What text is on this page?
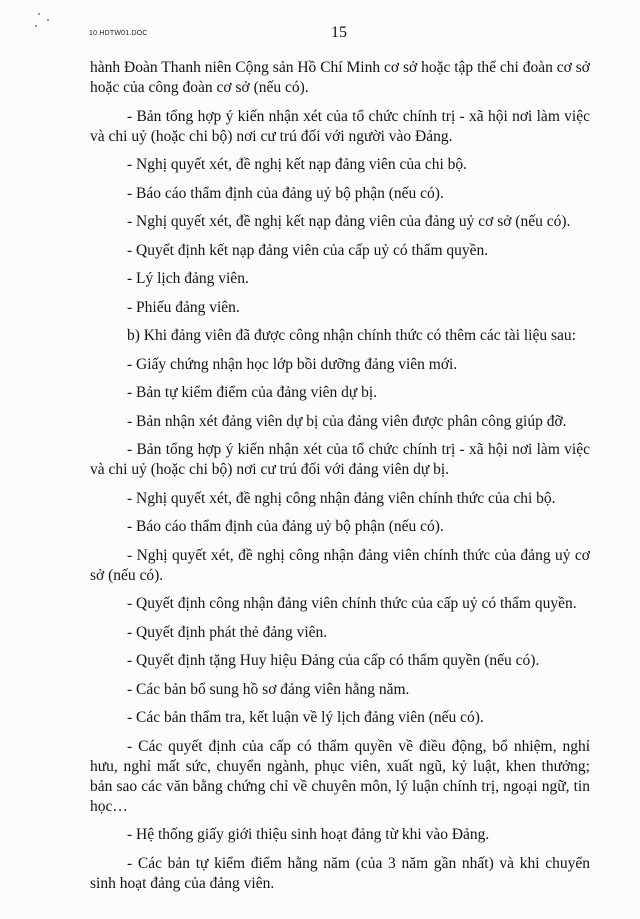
10.HDTW01.DOC	15

hành Đoàn Thanh niên Cộng sản Hồ Chí Minh cơ sở hoặc tập thể chi đoàn cơ sở hoặc của công đoàn cơ sở (nếu có).

- Bản tổng hợp ý kiến nhận xét của tổ chức chính trị - xã hội nơi làm việc và chi uỷ (hoặc chi bộ) nơi cư trú đối với người vào Đảng.

- Nghị quyết xét, đề nghị kết nạp đảng viên của chi bộ.

- Báo cáo thẩm định của đảng uỷ bộ phận (nếu có).

- Nghị quyết xét, đề nghị kết nạp đảng viên của đảng uỷ cơ sở (nếu có).

- Quyết định kết nạp đảng viên của cấp uỷ có thẩm quyền.

- Lý lịch đảng viên.

- Phiếu đảng viên.

b) Khi đảng viên đã được công nhận chính thức có thêm các tài liệu sau:

- Giấy chứng nhận học lớp bồi dưỡng đảng viên mới.

- Bản tự kiểm điểm của đảng viên dự bị.

- Bản nhận xét đảng viên dự bị của đảng viên được phân công giúp đỡ.

- Bản tổng hợp ý kiến nhận xét của tổ chức chính trị - xã hội nơi làm việc và chi uỷ (hoặc chi bộ) nơi cư trú đối với đảng viên dự bị.

- Nghị quyết xét, đề nghị công nhận đảng viên chính thức của chi bộ.

- Báo cáo thẩm định của đảng uỷ bộ phận (nếu có).

- Nghị quyết xét, đề nghị công nhận đảng viên chính thức của đảng uỷ cơ sở (nếu có).

- Quyết định công nhận đảng viên chính thức của cấp uỷ có thẩm quyền.

- Quyết định phát thẻ đảng viên.

- Quyết định tặng Huy hiệu Đảng của cấp có thẩm quyền (nếu có).

- Các bản bổ sung hồ sơ đảng viên hằng năm.

- Các bản thẩm tra, kết luận về lý lịch đảng viên (nếu có).

- Các quyết định của cấp có thẩm quyền về điều động, bổ nhiệm, nghỉ hưu, nghỉ mất sức, chuyển ngành, phục viên, xuất ngũ, kỷ luật, khen thưởng; bản sao các văn bằng chứng chỉ về chuyên môn, lý luận chính trị, ngoại ngữ, tin học…

- Hệ thống giấy giới thiệu sinh hoạt đảng từ khi vào Đảng.

- Các bản tự kiểm điểm hằng năm (của 3 năm gần nhất) và khi chuyển sinh hoạt đảng của đảng viên.
